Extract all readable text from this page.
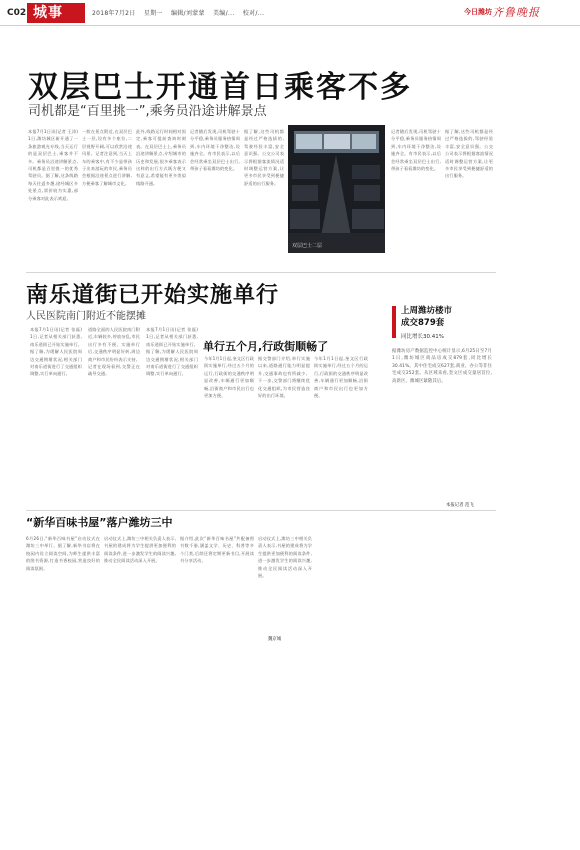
C02 城事	2018年7月2日 星期一 编辑/刘蒙蒙 美编/... 校对/...	今日潍坊 齐鲁晚报
双层巴士开通首日乘客不多
司机都是“百里挑一”,乘务员沿途讲解景点
本报7月1日讯(记者 王涛) 1日,潍坊城区新开通了一条旅游观光专线,当天运行的是双层巴士,乘客并不多。乘务员沿途讲解景点,司机都是百里挑一的优秀驾驶员。据了解,这条线路每天往返多趟,途经城区多处景点,票价较为实惠,部分乘客对此表示欢迎。
一般在景点附近,在双层巴士一层,设有多个座位,二层视野开阔,可以欣赏沿途风景。记者注意到,当天上车的乘客中,有不少是带孩子出来游玩的市民,乘务员会根据沿途景点进行讲解,方便乘客了解城市文化。
此外,线路运行时间相对固定,乘客可提前查询时刻表。在双层巴士上,乘务员沿途讲解景点,介绍城市的历史和发展,很多乘客表示这样的出行方式既方便又有意义,希望能有更多类似线路开通。
记者随后发现,司机驾驶十分平稳,乘务员服务热情周到,车内环境干净整洁,设施齐全。有市民表示,以后会经常乘坐双层巴士出行,带孩子看看潍坊的变化。
据了解,这些司机都是经过严格选拔的,驾驶经验丰富,安全意识强。公交公司表示将根据客流情况适时调整运营方案,让更多市民享受到便捷舒适的出行服务。
双层巴士二层
记者随后发现,司机驾驶十分平稳,乘务员服务热情周到,车内环境干净整洁,设施齐全。有市民表示,以后会经常乘坐双层巴士出行,带孩子看看潍坊的变化。
据了解,这些司机都是经过严格选拔的,驾驶经验丰富,安全意识强。公交公司表示将根据客流情况适时调整运营方案,让更多市民享受到便捷舒适的出行服务。
南乐道街已开始实施单行
人民医院南门附近不能摆摊
本报7月1日讯(记者 张磊) 1日,记者从相关部门获悉,南乐道街已开始实施单行。据了解,为缓解人民医院周边交通拥堵状况,相关部门对南乐道街进行了交通组织调整,实行单向通行。
道路全面的人民医院南门附近,车辆较多,停放杂乱,市民出行多有不便。实施单行后,交通秩序明显好转,周边商户和市民纷纷表示支持。记者在现场看到,交警正在疏导交通。
本报7月1日讯(记者 张磊) 1日,记者从相关部门获悉,南乐道街已开始实施单行。据了解,为缓解人民医院周边交通拥堵状况,相关部门对南乐道街进行了交通组织调整,实行单向通行。
单行五个月,行政街顺畅了
今年1月1日起,奎文区行政街实施单行,经过五个月的运行,行政街的交通秩序明显改善,车辆通行更加顺畅,沿街商户和市民出行也更加方便。
据交警部门介绍,单行实施以来,道路通行能力明显提升,交通事故也有所减少。下一步,交警部门将继续优化交通组织,为市民营造良好的出行环境。
今年1月1日起,奎文区行政街实施单行,经过五个月的运行,行政街的交通秩序明显改善,车辆通行更加顺畅,沿街商户和市民出行也更加方便。
上周潍坊楼市
成交879套
同比增长30.41%
据潍坊房产数据监控中心统计显示,6月25日至7月1日,潍坊城区商品房成交879套,同比增长30.41%。其中住宅成交627套,商业、办公等非住宅成交252套。从区域来看,奎文区成交量居首位,高新区、潍城区紧随其后。
本报记者 范飞
“新华百味书屋”落户潍坊三中
6月26日,“新华百味书屋”启动仪式在潍坊三中举行。据了解,新华书店将在校园内设立阅读空间,为师生提供丰富的图书资源,打造书香校园,营造良好的阅读氛围。
启动仪式上,潍坊三中相关负责人表示,书屋的建成将为学生提供更加便利的阅读条件,进一步激发学生的阅读兴趣,推动全民阅读活动深入开展。
据介绍,此次“新华百味书屋”共配备图书数千册,涵盖文学、历史、科普等多个门类,后续还将定期更新书目,开展读书分享活动。
启动仪式上,潍坊三中相关负责人表示,书屋的建成将为学生提供更加便利的阅读条件,进一步激发学生的阅读兴趣,推动全民阅读活动深入开展。
魏京城
